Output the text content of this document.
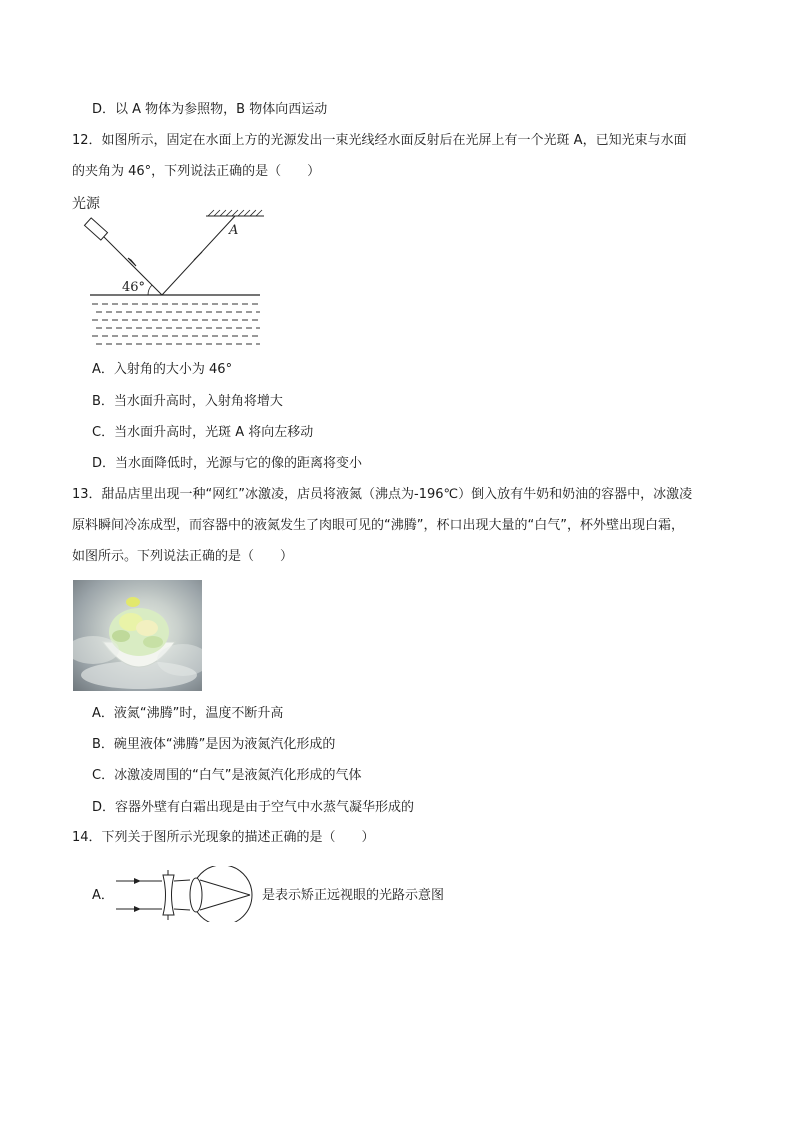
D．以 A 物体为参照物，B 物体向西运动
12．如图所示，固定在水面上方的光源发出一束光线经水面反射后在光屏上有一个光斑 A，已知光束与水面
的夹角为 46°，下列说法正确的是（　　）
光源
A
46°
A．入射角的大小为 46°
B．当水面升高时，入射角将增大
C．当水面升高时，光斑 A 将向左移动
D．当水面降低时，光源与它的像的距离将变小
13．甜品店里出现一种“网红”冰激凌，店员将液氮（沸点为-196℃）倒入放有牛奶和奶油的容器中，冰激凌
原料瞬间冷冻成型，而容器中的液氮发生了肉眼可见的“沸腾”，杯口出现大量的“白气”，杯外壁出现白霜，
如图所示。下列说法正确的是（　　）
A．液氮“沸腾”时，温度不断升高
B．碗里液体“沸腾”是因为液氮汽化形成的
C．冰激凌周围的“白气”是液氮汽化形成的气体
D．容器外壁有白霜出现是由于空气中水蒸气凝华形成的
14．下列关于图所示光现象的描述正确的是（　　）
A．	是表示矫正远视眼的光路示意图
